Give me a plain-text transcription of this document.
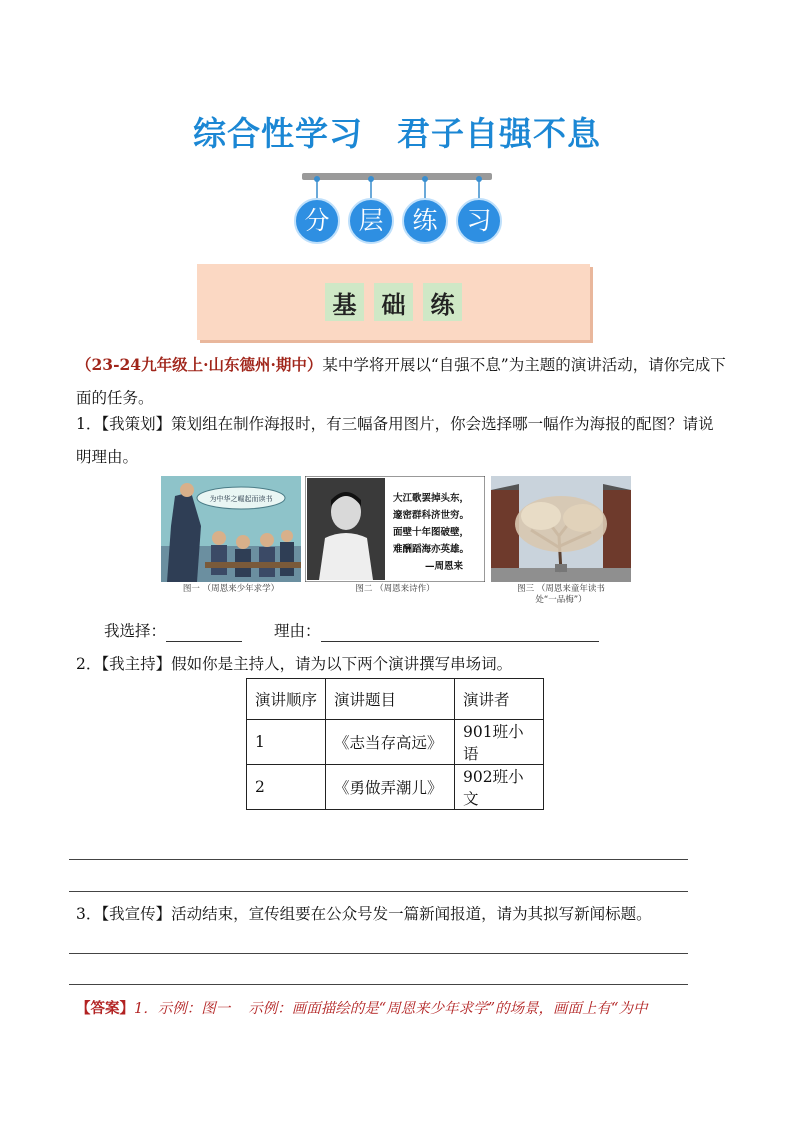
综合性学习 君子自强不息
分	层	练	习
基	础	练
（23-24九年级上·山东德州·期中）某中学将开展以“自强不息”为主题的演讲活动，请你完成下面的任务。
1．【我策划】策划组在制作海报时，有三幅备用图片，你会选择哪一幅作为海报的配图？请说明理由。
为中华之崛起而读书
图一 （周恩来少年求学）
大江歌罢掉头东，
邃密群科济世穷。
面壁十年图破壁，
难酬蹈海亦英雄。
—周恩来
图二 （周恩来诗作）	图三 （周恩来童年读书
处“一品梅”）
我选择：	理由：
2．【我主持】假如你是主持人，请为以下两个演讲撰写串场词。
演讲顺序	演讲题目	演讲者
1	《志当存高远》	901班小语
2	《勇做弄潮儿》	902班小文
3．【我宣传】活动结束，宣传组要在公众号发一篇新闻报道，请为其拟写新闻标题。
【答案】1．示例：图一 示例：画面描绘的是“周恩来少年求学”的场景，画面上有“为中
